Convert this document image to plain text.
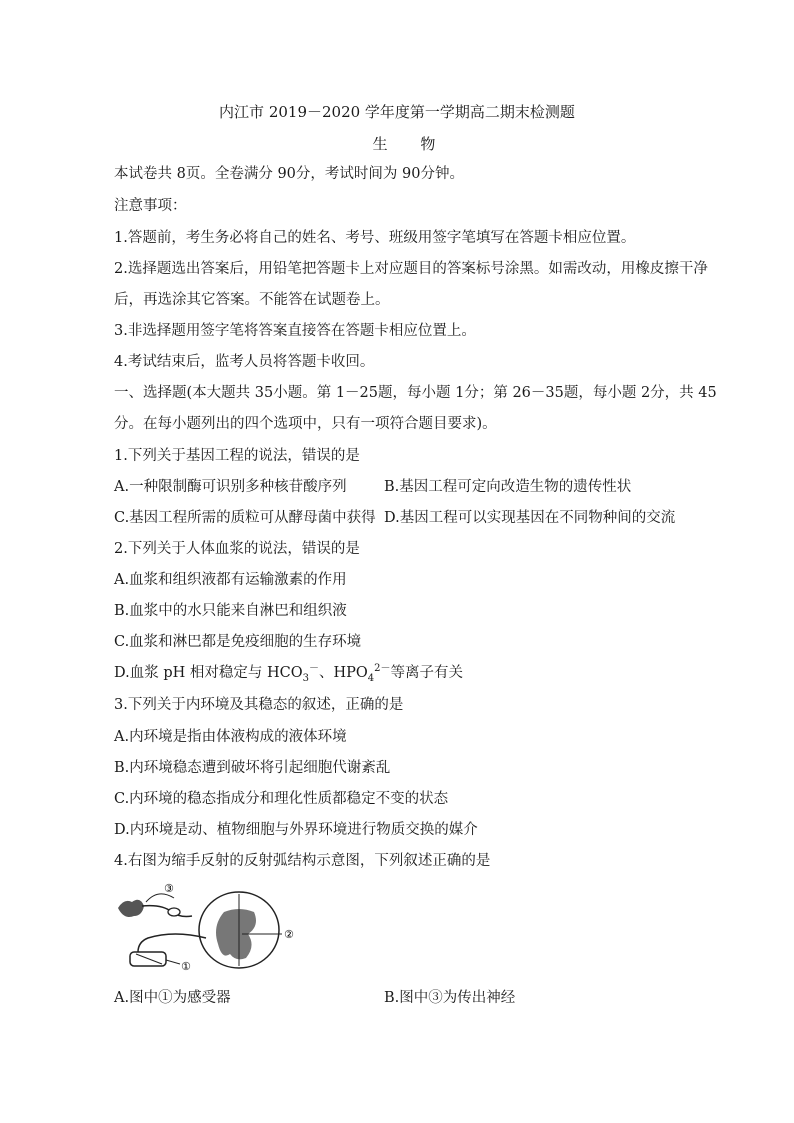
内江市 2019－2020 学年度第一学期高二期末检测题
生 物
本试卷共 8页。全卷满分 90分，考试时间为 90分钟。
注意事项：
1.答题前，考生务必将自己的姓名、考号、班级用签字笔填写在答题卡相应位置。
2.选择题选出答案后，用铅笔把答题卡上对应题目的答案标号涂黑。如需改动，用橡皮擦干净
后，再选涂其它答案。不能答在试题卷上。
3.非选择题用签字笔将答案直接答在答题卡相应位置上。
4.考试结束后，监考人员将答题卡收回。
一、选择题(本大题共 35小题。第 1－25题，每小题 1分；第 26－35题，每小题 2分，共 45
分。在每小题列出的四个选项中，只有一项符合题目要求)。
1.下列关于基因工程的说法，错误的是
A.一种限制酶可识别多种核苷酸序列	B.基因工程可定向改造生物的遗传性状
C.基因工程所需的质粒可从酵母菌中获得 D.基因工程可以实现基因在不同物种间的交流
2.下列关于人体血浆的说法，错误的是
A.血浆和组织液都有运输激素的作用
B.血浆中的水只能来自淋巴和组织液
C.血浆和淋巴都是免疫细胞的生存环境
D.血浆 pH 相对稳定与 $HCO_3^-$、$HPO_4^{2-}$等离子有关
3.下列关于内环境及其稳态的叙述，正确的是
A.内环境是指由体液构成的液体环境
B.内环境稳态遭到破坏将引起细胞代谢紊乱
C.内环境的稳态指成分和理化性质都稳定不变的状态
D.内环境是动、植物细胞与外界环境进行物质交换的媒介
4.右图为缩手反射的反射弧结构示意图，下列叙述正确的是
③
②
①
A.图中①为感受器	B.图中③为传出神经
